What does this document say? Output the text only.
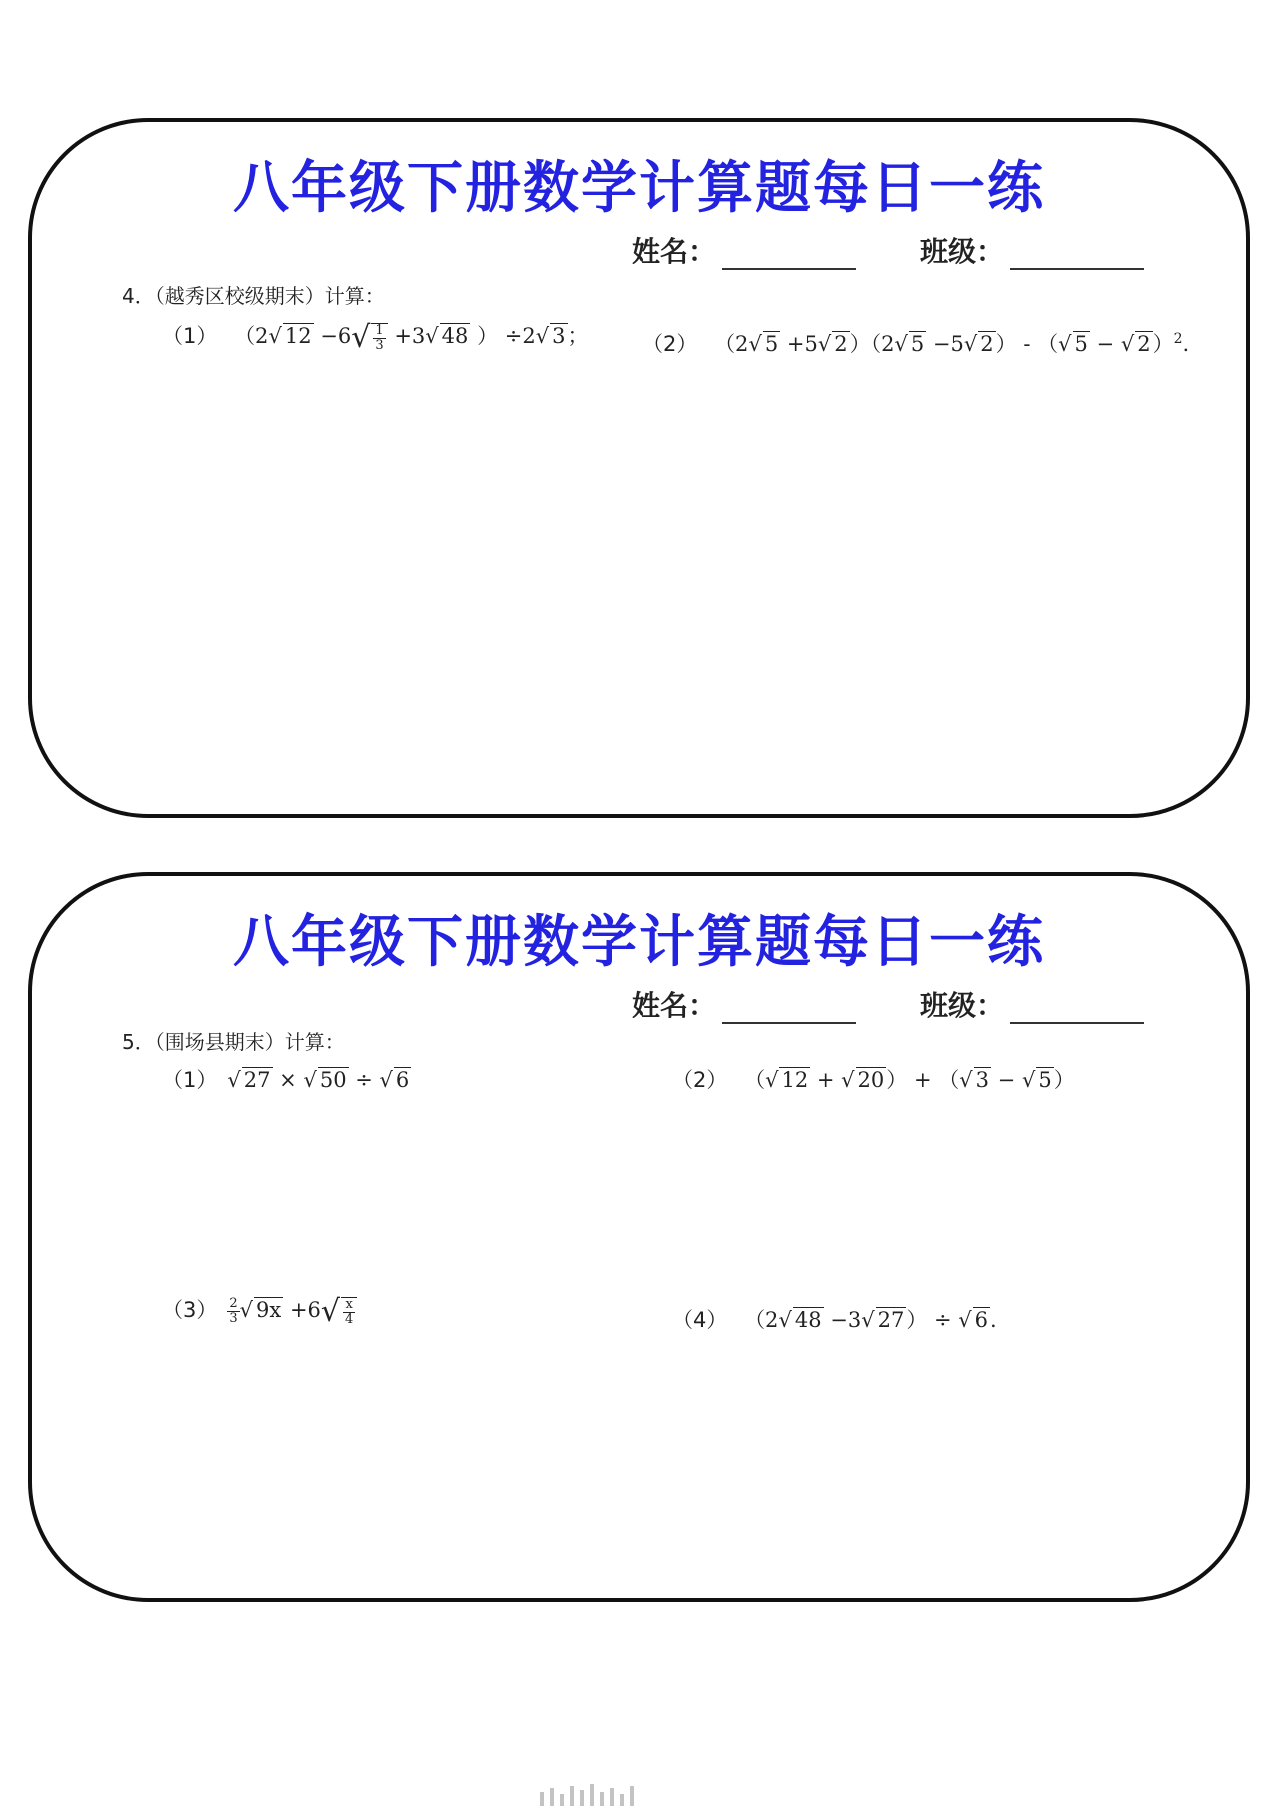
八年级下册数学计算题每日一练
姓名：	班级：
4．（越秀区校级期末）计算：
（1） （2√ $12 -6√ \frac{1}{3} +3√$ 48 ） ÷2√ 3；	（2） （2√ 5 +5√ 2）（2√ 5 −5√ 2） - （√ 5 − √ 2）$^2$.
八年级下册数学计算题每日一练
姓名：	班级：
5．（围场县期末）计算：
（1） √ 27 × √ 50 ÷ √ 6	（2） （√ 12 + √ 20） + （√ 3 − √ 5）
$(3) \frac{2}{3}$ √ $9x +6√ \frac{x}{4}$	（4） （2√ 48 −3√ 27） ÷ √ 6.
